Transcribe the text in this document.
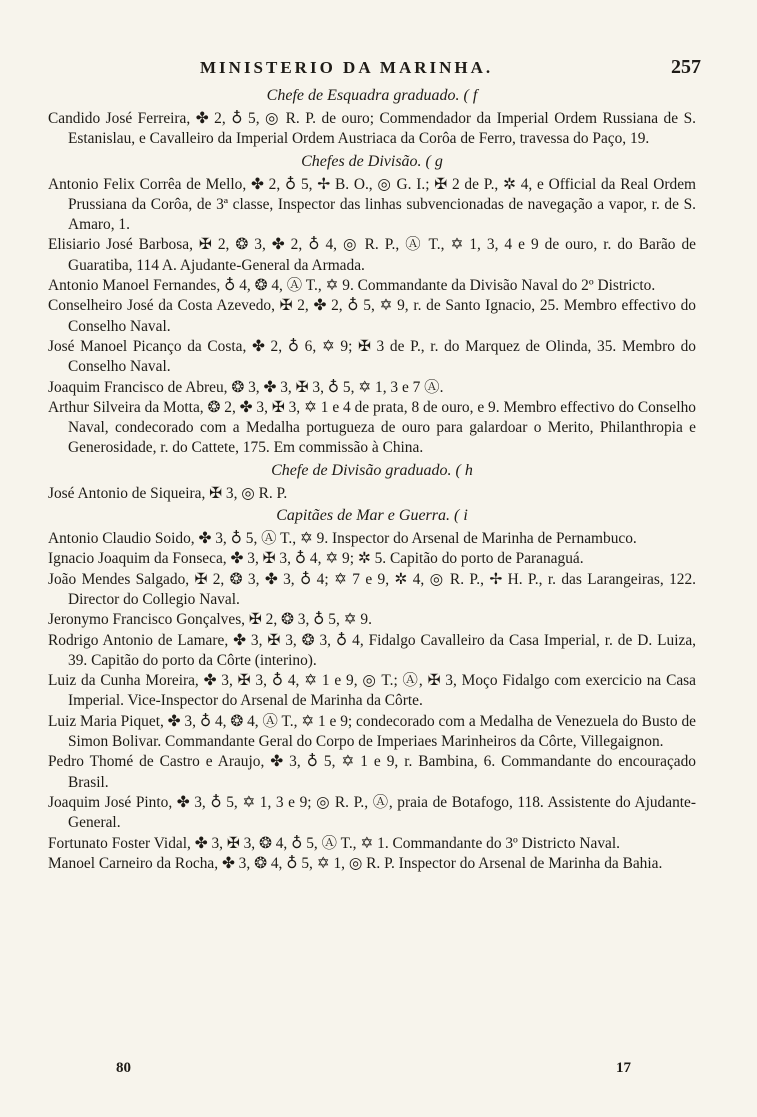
MINISTERIO DA MARINHA.	257
Chefe de Esquadra graduado. ( f

Candido José Ferreira, ✤ 2, ♁ 5, ◎ R. P. de ouro; Commendador da Imperial Ordem Russiana de S. Estanislau, e Cavalleiro da Imperial Ordem Austriaca da Corôa de Ferro, travessa do Paço, 19.

Chefes de Divisão. ( g

Antonio Felix Corrêa de Mello, ✤ 2, ♁ 5, ✢ B. O., ◎ G. I.; ✠ 2 de P., ✲ 4, e Official da Real Ordem Prussiana da Corôa, de 3ª classe, Inspector das linhas subvencionadas de navegação a vapor, r. de S. Amaro, 1.

Elisiario José Barbosa, ✠ 2, ❂ 3, ✤ 2, ♁ 4, ◎ R. P., Ⓐ T., ✡ 1, 3, 4 e 9 de ouro, r. do Barão de Guaratiba, 114 A. Ajudante-General da Armada.

Antonio Manoel Fernandes, ♁ 4, ❂ 4, Ⓐ T., ✡ 9. Commandante da Divisão Naval do 2º Districto.

Conselheiro José da Costa Azevedo, ✠ 2, ✤ 2, ♁ 5, ✡ 9, r. de Santo Ignacio, 25. Membro effectivo do Conselho Naval.

José Manoel Picanço da Costa, ✤ 2, ♁ 6, ✡ 9; ✠ 3 de P., r. do Marquez de Olinda, 35. Membro do Conselho Naval.

Joaquim Francisco de Abreu, ❂ 3, ✤ 3, ✠ 3, ♁ 5, ✡ 1, 3 e 7 Ⓐ.

Arthur Silveira da Motta, ❂ 2, ✤ 3, ✠ 3, ✡ 1 e 4 de prata, 8 de ouro, e 9. Membro effectivo do Conselho Naval, condecorado com a Medalha portugueza de ouro para galardoar o Merito, Philanthropia e Generosidade, r. do Cattete, 175. Em commissão à China.

Chefe de Divisão graduado. ( h

José Antonio de Siqueira, ✠ 3, ◎ R. P.

Capitães de Mar e Guerra. ( i

Antonio Claudio Soido, ✤ 3, ♁ 5, Ⓐ T., ✡ 9. Inspector do Arsenal de Marinha de Pernambuco.

Ignacio Joaquim da Fonseca, ✤ 3, ✠ 3, ♁ 4, ✡ 9; ✲ 5. Capitão do porto de Paranaguá.

João Mendes Salgado, ✠ 2, ❂ 3, ✤ 3, ♁ 4; ✡ 7 e 9, ✲ 4, ◎ R. P., ✢ H. P., r. das Larangeiras, 122. Director do Collegio Naval.

Jeronymo Francisco Gonçalves, ✠ 2, ❂ 3, ♁ 5, ✡ 9.

Rodrigo Antonio de Lamare, ✤ 3, ✠ 3, ❂ 3, ♁ 4, Fidalgo Cavalleiro da Casa Imperial, r. de D. Luiza, 39. Capitão do porto da Côrte (interino).

Luiz da Cunha Moreira, ✤ 3, ✠ 3, ♁ 4, ✡ 1 e 9, ◎ T.; Ⓐ, ✠ 3, Moço Fidalgo com exercicio na Casa Imperial. Vice-Inspector do Arsenal de Marinha da Côrte.

Luiz Maria Piquet, ✤ 3, ♁ 4, ❂ 4, Ⓐ T., ✡ 1 e 9; condecorado com a Medalha de Venezuela do Busto de Simon Bolivar. Commandante Geral do Corpo de Imperiaes Marinheiros da Côrte, Villegaignon.

Pedro Thomé de Castro e Araujo, ✤ 3, ♁ 5, ✡ 1 e 9, r. Bambina, 6. Commandante do encouraçado Brasil.

Joaquim José Pinto, ✤ 3, ♁ 5, ✡ 1, 3 e 9; ◎ R. P., Ⓐ, praia de Botafogo, 118. Assistente do Ajudante-General.

Fortunato Foster Vidal, ✤ 3, ✠ 3, ❂ 4, ♁ 5, Ⓐ T., ✡ 1. Commandante do 3º Districto Naval.

Manoel Carneiro da Rocha, ✤ 3, ❂ 4, ♁ 5, ✡ 1, ◎ R. P. Inspector do Arsenal de Marinha da Bahia.

80	17
